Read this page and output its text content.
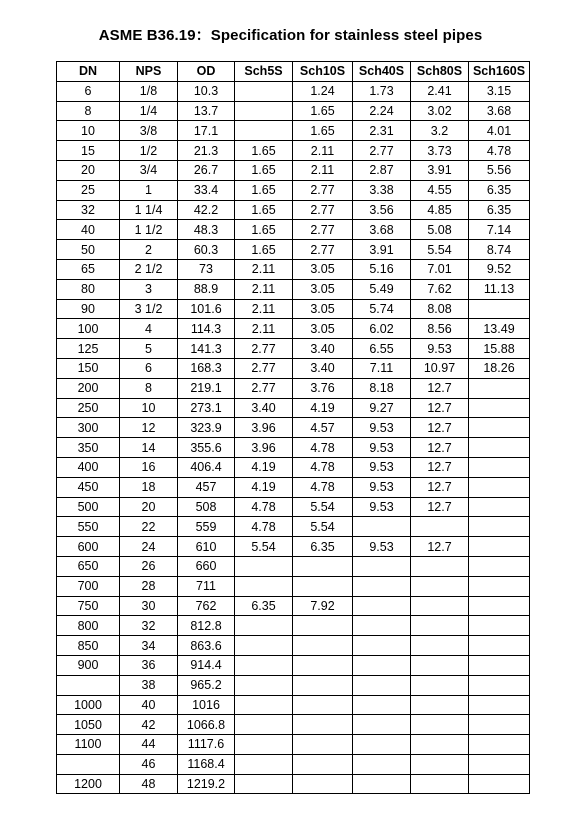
ASME B36.19：Specification for stainless steel pipes
DN	NPS	OD	Sch5S	Sch10S	Sch40S	Sch80S	Sch160S
6	1/8	10.3		1.24	1.73	2.41	3.15
8	1/4	13.7		1.65	2.24	3.02	3.68
10	3/8	17.1		1.65	2.31	3.2	4.01
15	1/2	21.3	1.65	2.11	2.77	3.73	4.78
20	3/4	26.7	1.65	2.11	2.87	3.91	5.56
25	1	33.4	1.65	2.77	3.38	4.55	6.35
32	1 1/4	42.2	1.65	2.77	3.56	4.85	6.35
40	1 1/2	48.3	1.65	2.77	3.68	5.08	7.14
50	2	60.3	1.65	2.77	3.91	5.54	8.74
65	2 1/2	73	2.11	3.05	5.16	7.01	9.52
80	3	88.9	2.11	3.05	5.49	7.62	11.13
90	3 1/2	101.6	2.11	3.05	5.74	8.08	
100	4	114.3	2.11	3.05	6.02	8.56	13.49
125	5	141.3	2.77	3.40	6.55	9.53	15.88
150	6	168.3	2.77	3.40	7.11	10.97	18.26
200	8	219.1	2.77	3.76	8.18	12.7	
250	10	273.1	3.40	4.19	9.27	12.7	
300	12	323.9	3.96	4.57	9.53	12.7	
350	14	355.6	3.96	4.78	9.53	12.7	
400	16	406.4	4.19	4.78	9.53	12.7	
450	18	457	4.19	4.78	9.53	12.7	
500	20	508	4.78	5.54	9.53	12.7	
550	22	559	4.78	5.54			
600	24	610	5.54	6.35	9.53	12.7	
650	26	660					
700	28	711					
750	30	762	6.35	7.92			
800	32	812.8					
850	34	863.6					
900	36	914.4					
	38	965.2					
1000	40	1016					
1050	42	1066.8					
1100	44	1117.6					
	46	1168.4					
1200	48	1219.2					
